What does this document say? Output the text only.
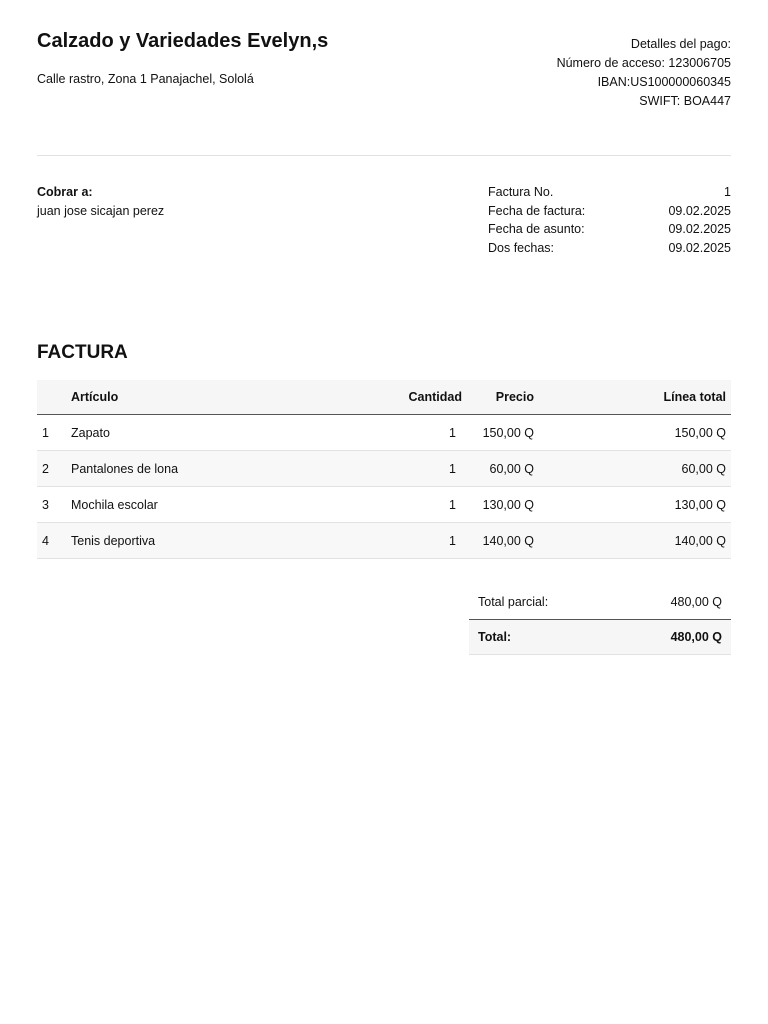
Calzado y Variedades Evelyn,s
Calle rastro, Zona 1 Panajachel, Sololá
Detalles del pago:
Número de acceso: 123006705
IBAN:US100000060345
SWIFT: BOA447
Cobrar a:
juan jose sicajan perez
Factura No.	1
Fecha de factura:	09.02.2025
Fecha de asunto:	09.02.2025
Dos fechas:	09.02.2025
FACTURA
	Artículo	Cantidad	Precio	Línea total
1	Zapato	1	150,00 Q	150,00 Q
2	Pantalones de lona	1	60,00 Q	60,00 Q
3	Mochila escolar	1	130,00 Q	130,00 Q
4	Tenis deportiva	1	140,00 Q	140,00 Q
Total parcial:	480,00 Q
Total:	480,00 Q
